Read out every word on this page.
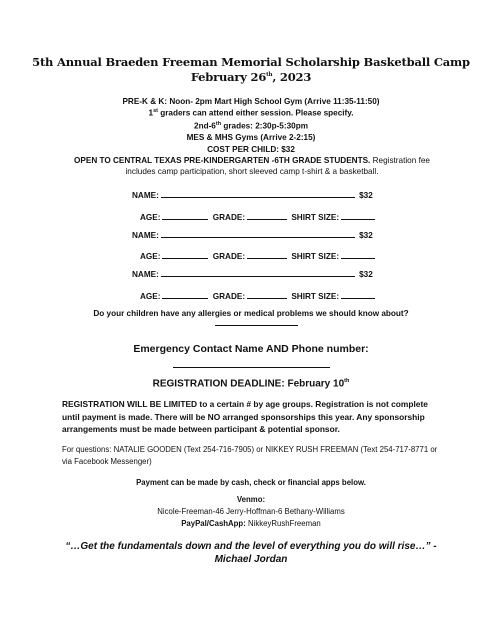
5th Annual Braeden Freeman Memorial Scholarship Basketball Camp
February 26th, 2023
PRE-K & K: Noon- 2pm Mart High School Gym (Arrive 11:35-11:50)
1st graders can attend either session. Please specify.
2nd-6th grades: 2:30p-5:30pm
MES & MHS Gyms (Arrive 2-2:15)
COST PER CHILD: $32
OPEN TO CENTRAL TEXAS PRE-KINDERGARTEN -6TH GRADE STUDENTS. Registration fee includes camp participation, short sleeved camp t-shirt & a basketball.
NAME:	$32
AGE:	GRADE:	SHIRT SIZE:
NAME:	$32
AGE:	GRADE:	SHIRT SIZE:
NAME:	$32
AGE:	GRADE:	SHIRT SIZE:
Do your children have any allergies or medical problems we should know about?
Emergency Contact Name AND Phone number:
REGISTRATION DEADLINE: February 10th
REGISTRATION WILL BE LIMITED to a certain # by age groups. Registration is not complete until payment is made. There will be NO arranged sponsorships this year. Any sponsorship arrangements must be made between participant & potential sponsor.
For questions: NATALIE GOODEN (Text 254-716-7905) or NIKKEY RUSH FREEMAN (Text 254-717-8771 or via Facebook Messenger)
Payment can be made by cash, check or financial apps below.
Venmo:
Nicole-Freeman-46 Jerry-Hoffman-6 Bethany-Williams
PayPal/CashApp: NikkeyRushFreeman
“…Get the fundamentals down and the level of everything you do will rise…” -
Michael Jordan
